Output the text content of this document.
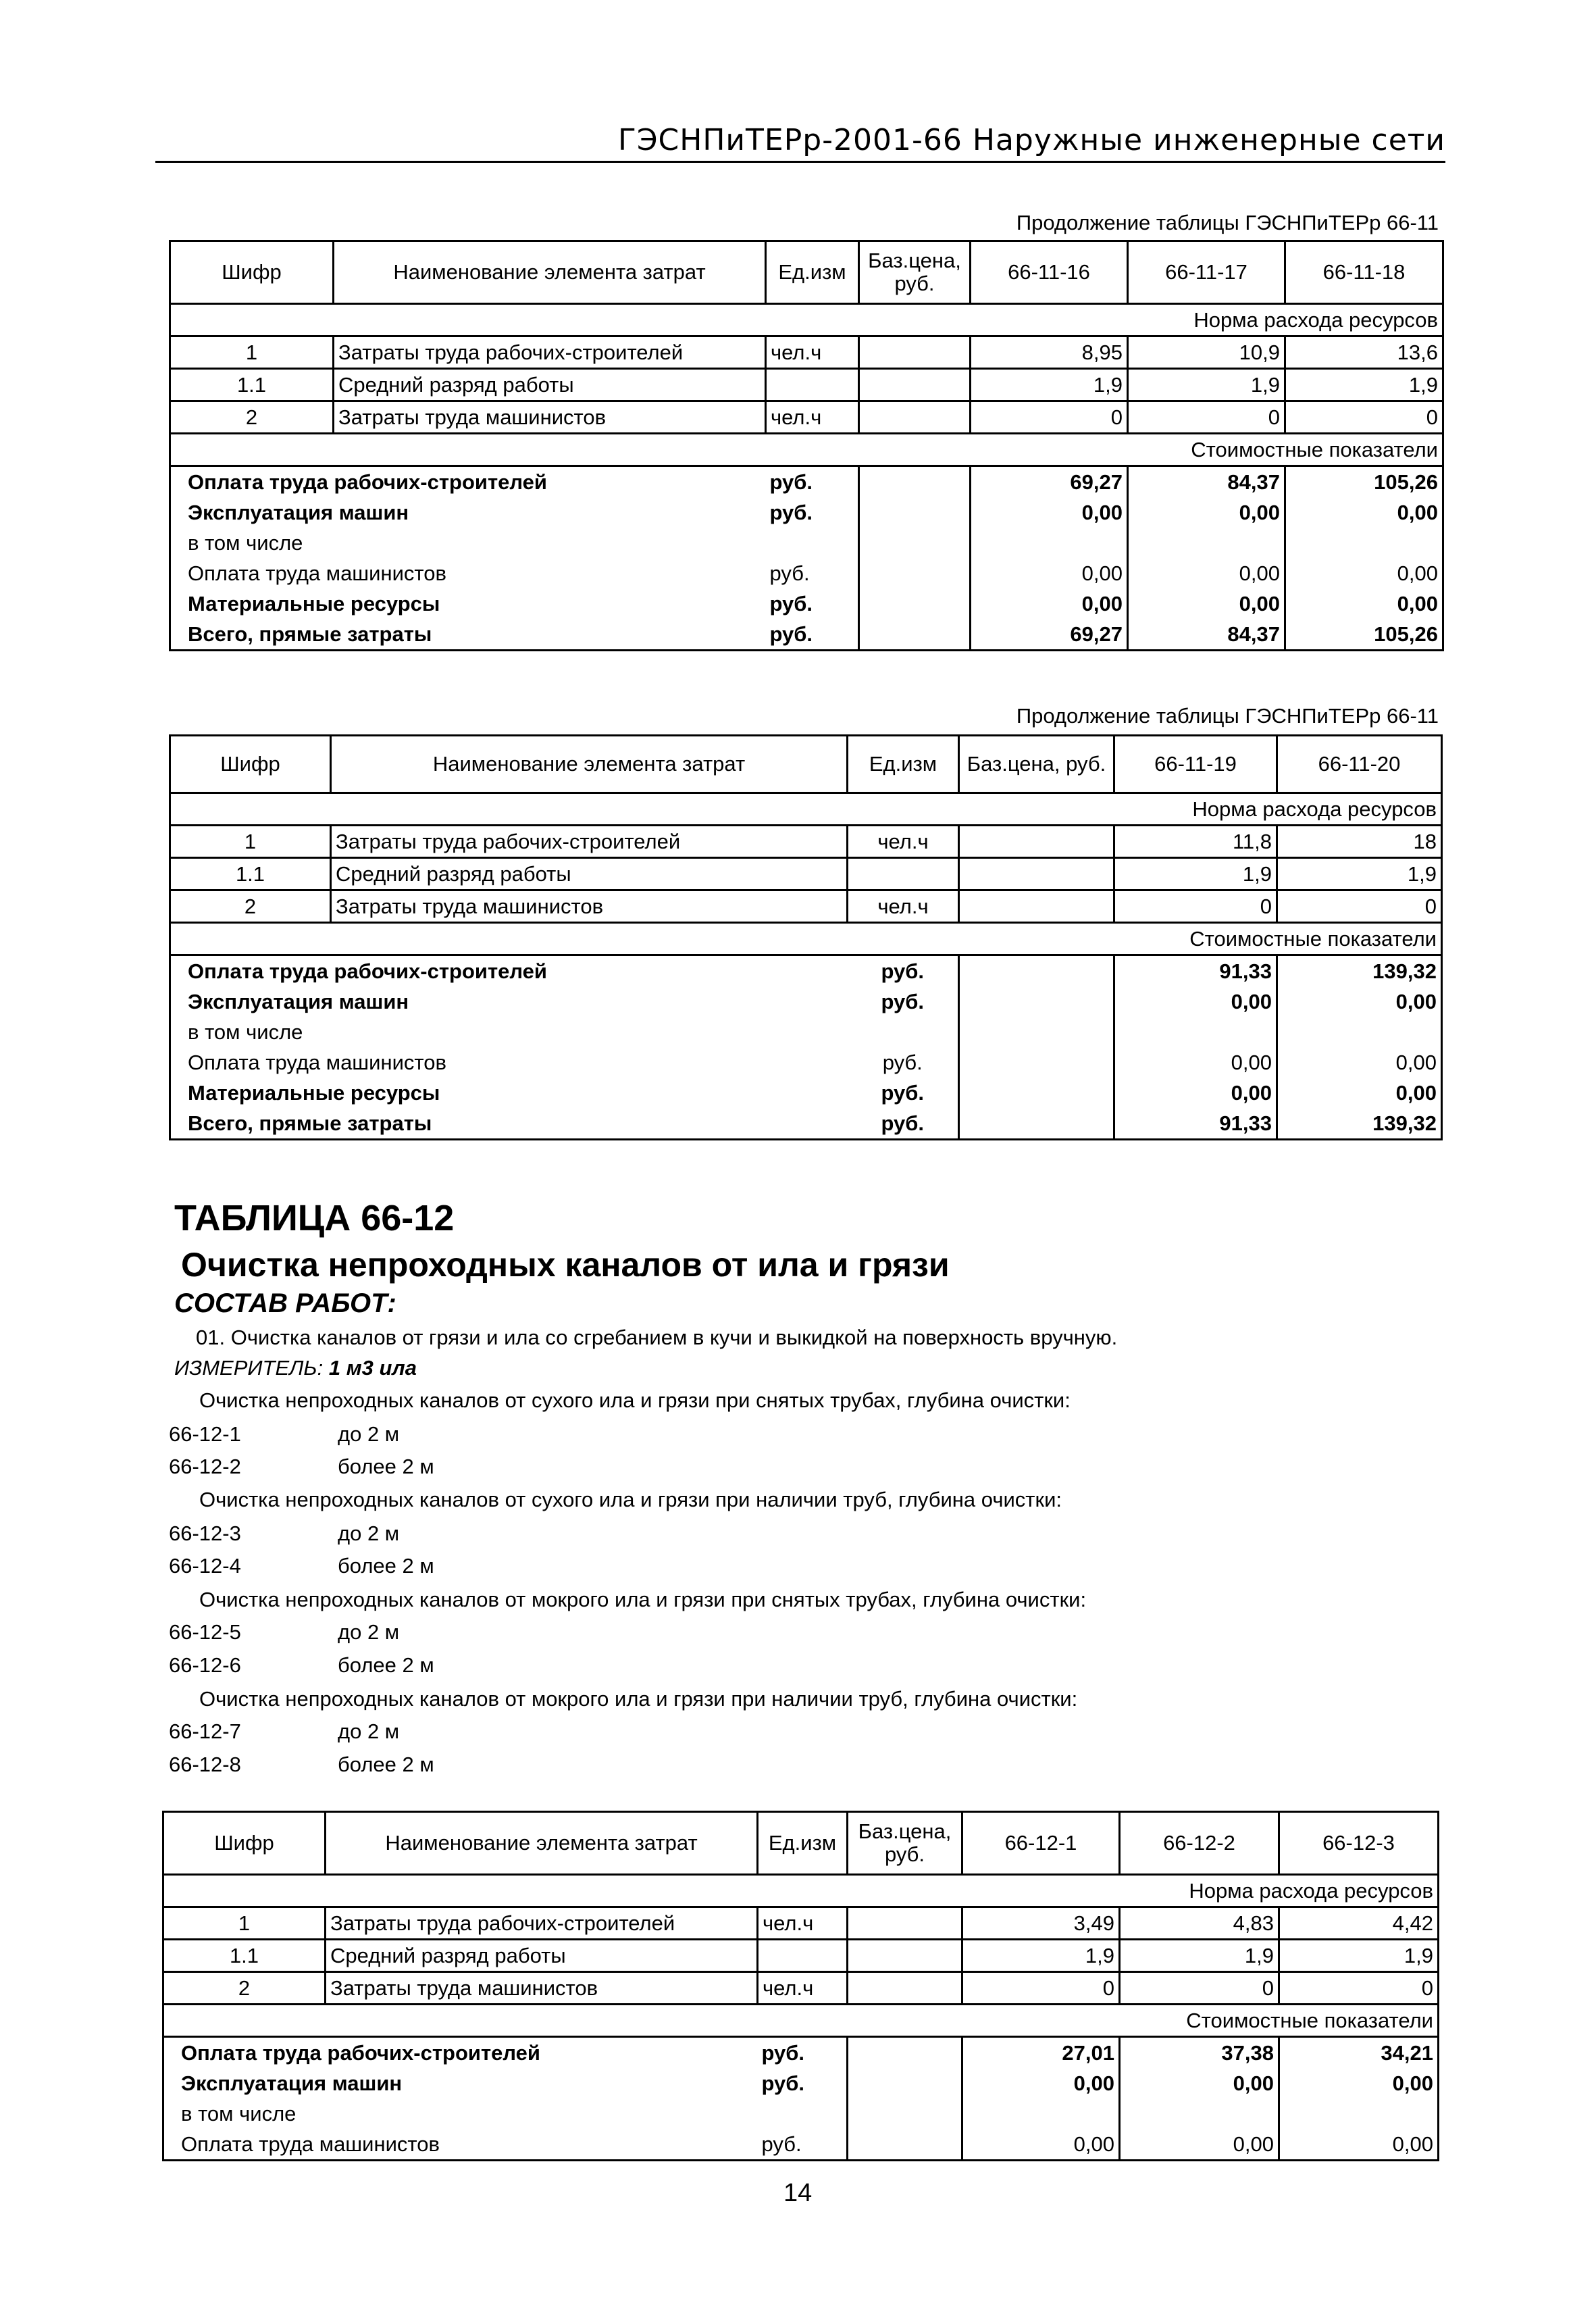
ГЭСНПиТЕРр-2001-66 Наружные инженерные сети
Продолжение таблицы ГЭСНПиТЕРр 66-11
Шифр	Наименование элемента затрат	Ед.изм	Баз.цена, руб.	66-11-16	66-11-17	66-11-18
Норма расхода ресурсов						
1	Затраты труда рабочих-строителей	чел.ч		8,95	10,9	13,6
1.1	Средний разряд работы			1,9	1,9	1,9
2	Затраты труда машинистов	чел.ч		0	0	0
Стоимостные показатели						
Оплата труда рабочих-строителей		руб.		69,27	84,37	105,26
Эксплуатация машин		руб.		0,00	0,00	0,00
в том числе						
Оплата труда машинистов		руб.		0,00	0,00	0,00
Материальные ресурсы		руб.		0,00	0,00	0,00
Всего, прямые затраты		руб.		69,27	84,37	105,26
Продолжение таблицы ГЭСНПиТЕРр 66-11
Шифр	Наименование элемента затрат	Ед.изм	Баз.цена, руб.	66-11-19	66-11-20
Норма расхода ресурсов					
1	Затраты труда рабочих-строителей	чел.ч		11,8	18
1.1	Средний разряд работы			1,9	1,9
2	Затраты труда машинистов	чел.ч		0	0
Стоимостные показатели					
Оплата труда рабочих-строителей		руб.		91,33	139,32
Эксплуатация машин		руб.		0,00	0,00
в том числе					
Оплата труда машинистов		руб.		0,00	0,00
Материальные ресурсы		руб.		0,00	0,00
Всего, прямые затраты		руб.		91,33	139,32
ТАБЛИЦА 66-12
Очистка непроходных каналов от ила и грязи
СОСТАВ РАБОТ:
01. Очистка каналов от грязи и ила со сгребанием в кучи и выкидкой на поверхность вручную.
ИЗМЕРИТЕЛЬ: 1 м3 ила
Очистка непроходных каналов от сухого ила и грязи при снятых трубах, глубина очистки:
66-12-1	до 2 м
66-12-2	более 2 м
Очистка непроходных каналов от сухого ила и грязи при наличии труб, глубина очистки:
66-12-3	до 2 м
66-12-4	более 2 м
Очистка непроходных каналов от мокрого ила и грязи при снятых трубах, глубина очистки:
66-12-5	до 2 м
66-12-6	более 2 м
Очистка непроходных каналов от мокрого ила и грязи при наличии труб, глубина очистки:
66-12-7	до 2 м
66-12-8	более 2 м
Шифр	Наименование элемента затрат	Ед.изм	Баз.цена, руб.	66-12-1	66-12-2	66-12-3
Норма расхода ресурсов						
1	Затраты труда рабочих-строителей	чел.ч		3,49	4,83	4,42
1.1	Средний разряд работы			1,9	1,9	1,9
2	Затраты труда машинистов	чел.ч		0	0	0
Стоимостные показатели						
Оплата труда рабочих-строителей		руб.		27,01	37,38	34,21
Эксплуатация машин		руб.		0,00	0,00	0,00
в том числе						
Оплата труда машинистов		руб.		0,00	0,00	0,00
14
